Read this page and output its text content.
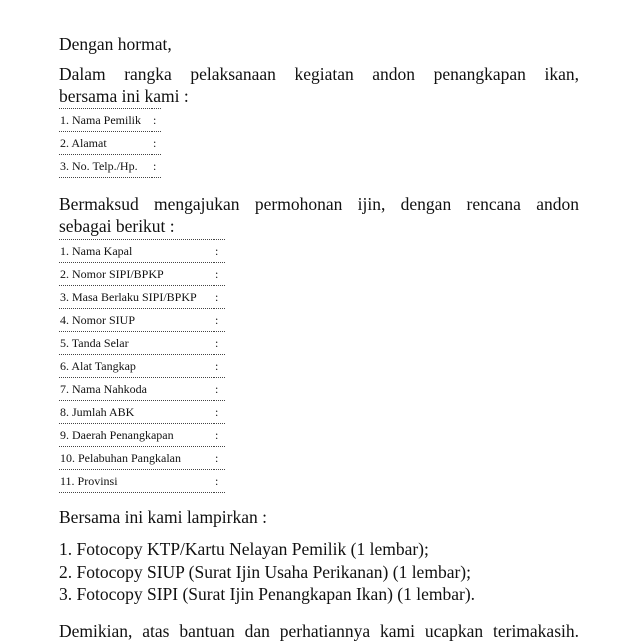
Dengan hormat,

Dalam rangka pelaksanaan kegiatan andon penangkapan ikan,

bersama ini kami :

1. Nama Pemilik	:
2. Alamat	:
3. No. Telp./Hp.	:

Bermaksud mengajukan permohonan ijin, dengan rencana andon

sebagai berikut :

1. Nama Kapal	:
2. Nomor SIPI/BPKP	:
3. Masa Berlaku SIPI/BPKP	:
4. Nomor SIUP	:
5. Tanda Selar	:
6. Alat Tangkap	:
7. Nama Nahkoda	:
8. Jumlah ABK	:
9. Daerah Penangkapan	:
10. Pelabuhan Pangkalan	:
11. Provinsi	:

Bersama ini kami lampirkan :

1. Fotocopy KTP/Kartu Nelayan Pemilik (1 lembar);
2. Fotocopy SIUP (Surat Ijin Usaha Perikanan) (1 lembar);
3. Fotocopy SIPI (Surat Ijin Penangkapan Ikan) (1 lembar).

Demikian, atas bantuan dan perhatiannya kami ucapkan terimakasih.
